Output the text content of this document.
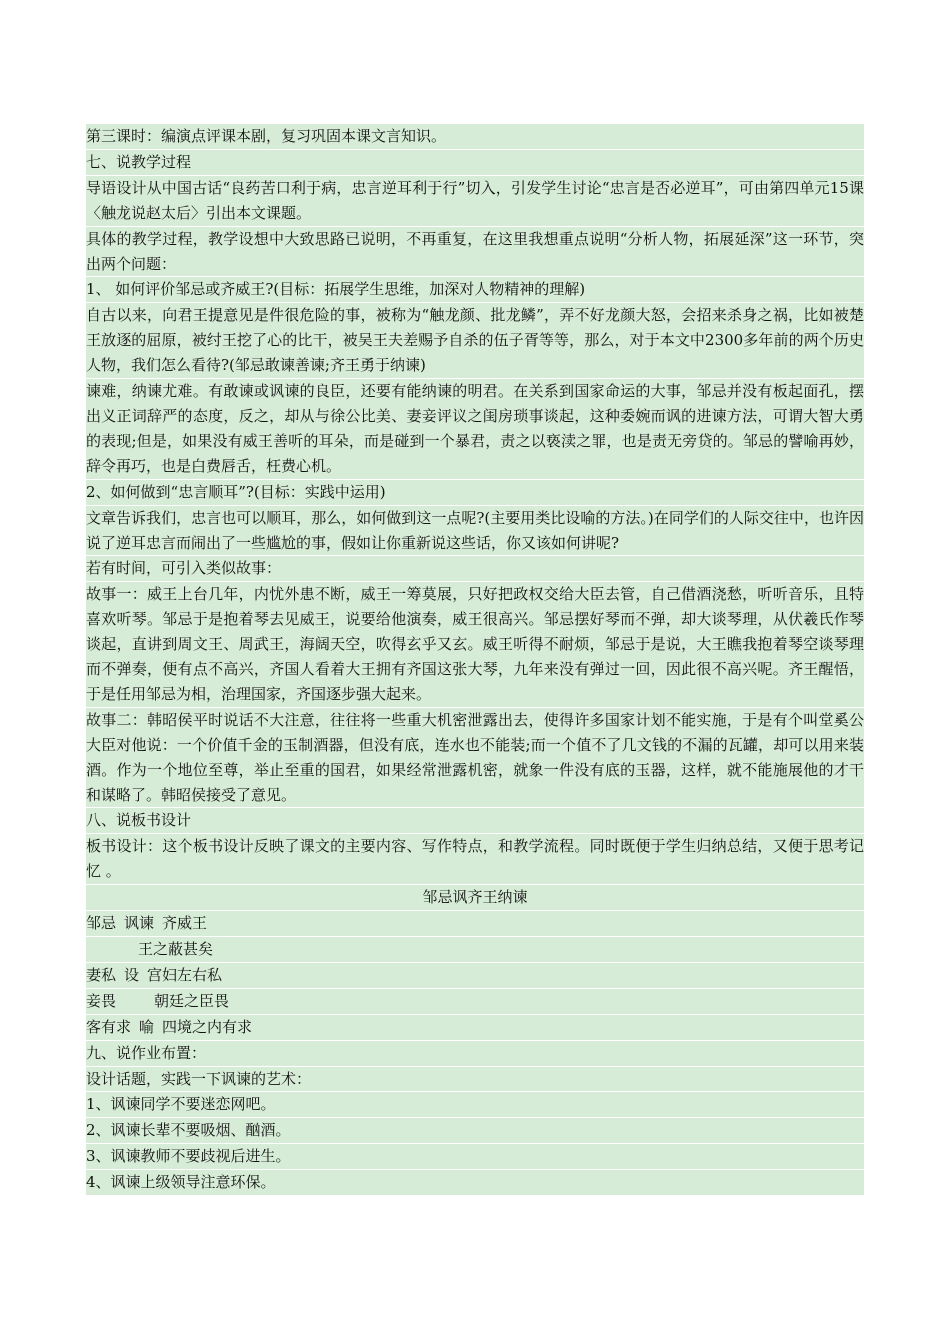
第三课时：编演点评课本剧，复习巩固本课文言知识。

七、说教学过程

导语设计从中国古话“良药苦口利于病，忠言逆耳利于行”切入，引发学生讨论“忠言是否必逆耳”，可由第四单元15课〈触龙说赵太后〉引出本文课题。

具体的教学过程，教学设想中大致思路已说明，不再重复，在这里我想重点说明“分析人物，拓展延深”这一环节，突出两个问题：

1、 如何评价邹忌或齐威王?(目标：拓展学生思维，加深对人物精神的理解)

自古以来，向君王提意见是件很危险的事，被称为“触龙颜、批龙鳞”，弄不好龙颜大怒，会招来杀身之祸，比如被楚王放逐的屈原，被纣王挖了心的比干，被吴王夫差赐予自杀的伍子胥等等，那么，对于本文中2300多年前的两个历史人物，我们怎么看待?(邹忌敢谏善谏;齐王勇于纳谏)

谏难，纳谏尤难。有敢谏或讽谏的良臣，还要有能纳谏的明君。在关系到国家命运的大事，邹忌并没有板起面孔，摆出义正词辞严的态度，反之，却从与徐公比美、妻妾评议之闺房琐事谈起，这种委婉而讽的进谏方法，可谓大智大勇的表现;但是，如果没有威王善听的耳朵，而是碰到一个暴君，责之以亵渎之罪，也是责无旁贷的。邹忌的譬喻再妙，辞令再巧，也是白费唇舌，枉费心机。

2、如何做到“忠言顺耳”?(目标：实践中运用)

文章告诉我们，忠言也可以顺耳，那么，如何做到这一点呢?(主要用类比设喻的方法。)在同学们的人际交往中，也许因说了逆耳忠言而闹出了一些尴尬的事，假如让你重新说这些话，你又该如何讲呢?

若有时间，可引入类似故事：

故事一：威王上台几年，内忧外患不断，威王一筹莫展，只好把政权交给大臣去管，自己借酒浇愁，听听音乐，且特喜欢听琴。邹忌于是抱着琴去见威王，说要给他演奏，威王很高兴。邹忌摆好琴而不弹，却大谈琴理，从伏羲氏作琴谈起，直讲到周文王、周武王，海阔天空，吹得玄乎又玄。威王听得不耐烦，邹忌于是说，大王瞧我抱着琴空谈琴理而不弹奏，便有点不高兴，齐国人看着大王拥有齐国这张大琴，九年来没有弹过一回，因此很不高兴呢。齐王醒悟，于是任用邹忌为相，治理国家，齐国逐步强大起来。

故事二：韩昭侯平时说话不大注意，往往将一些重大机密泄露出去，使得许多国家计划不能实施，于是有个叫堂奚公大臣对他说：一个价值千金的玉制酒器，但没有底，连水也不能装;而一个值不了几文钱的不漏的瓦罐，却可以用来装酒。作为一个地位至尊，举止至重的国君，如果经常泄露机密，就象一件没有底的玉器，这样，就不能施展他的才干和谋略了。韩昭侯接受了意见。

八、说板书设计

板书设计：这个板书设计反映了课文的主要内容、写作特点，和教学流程。同时既便于学生归纳总结，又便于思考记忆 。

邹忌讽齐王纳谏

邹忌 讽谏 齐威王
王之蔽甚矣
妻私 设 宫妇左右私
妾畏	朝廷之臣畏
客有求 喻 四境之内有求

九、说作业布置：

设计话题，实践一下讽谏的艺术：

1、讽谏同学不要迷恋网吧。

2、讽谏长辈不要吸烟、酗酒。

3、讽谏教师不要歧视后进生。

4、讽谏上级领导注意环保。
